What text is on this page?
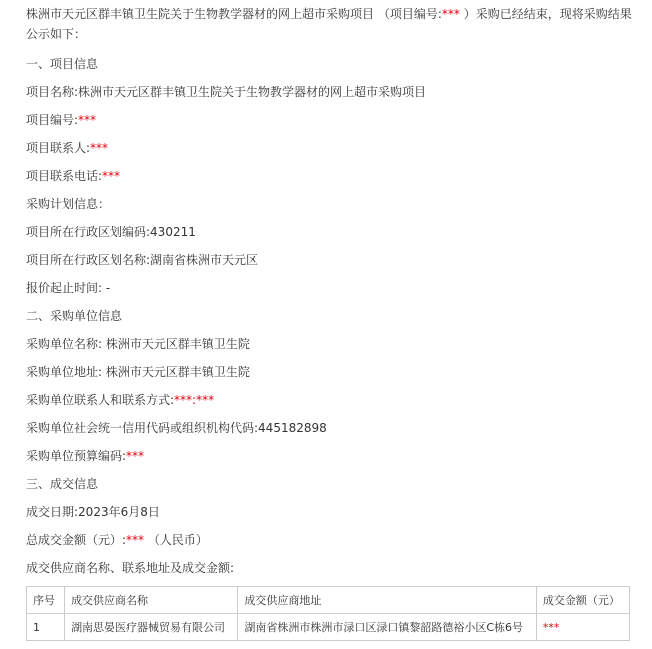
株洲市天元区群丰镇卫生院关于生物教学器材的网上超市采购项目 （项目编号:*** ）采购已经结束，现将采购结果公示如下：

一、项目信息
项目名称:株洲市天元区群丰镇卫生院关于生物教学器材的网上超市采购项目
项目编号:***
项目联系人:***
项目联系电话:***
采购计划信息：
项目所在行政区划编码:430211
项目所在行政区划名称:湖南省株洲市天元区
报价起止时间: -
二、采购单位信息
采购单位名称: 株洲市天元区群丰镇卫生院
采购单位地址: 株洲市天元区群丰镇卫生院
采购单位联系人和联系方式:***:***
采购单位社会统一信用代码或组织机构代码:445182898
采购单位预算编码:***
三、成交信息
成交日期:2023年6月8日
总成交金额（元）:*** （人民币）
成交供应商名称、联系地址及成交金额:
序号	成交供应商名称	成交供应商地址	成交金额（元）
1	湖南思晏医疗器械贸易有限公司	湖南省株洲市株洲市渌口区渌口镇黎韶路德裕小区C栋6号	***
